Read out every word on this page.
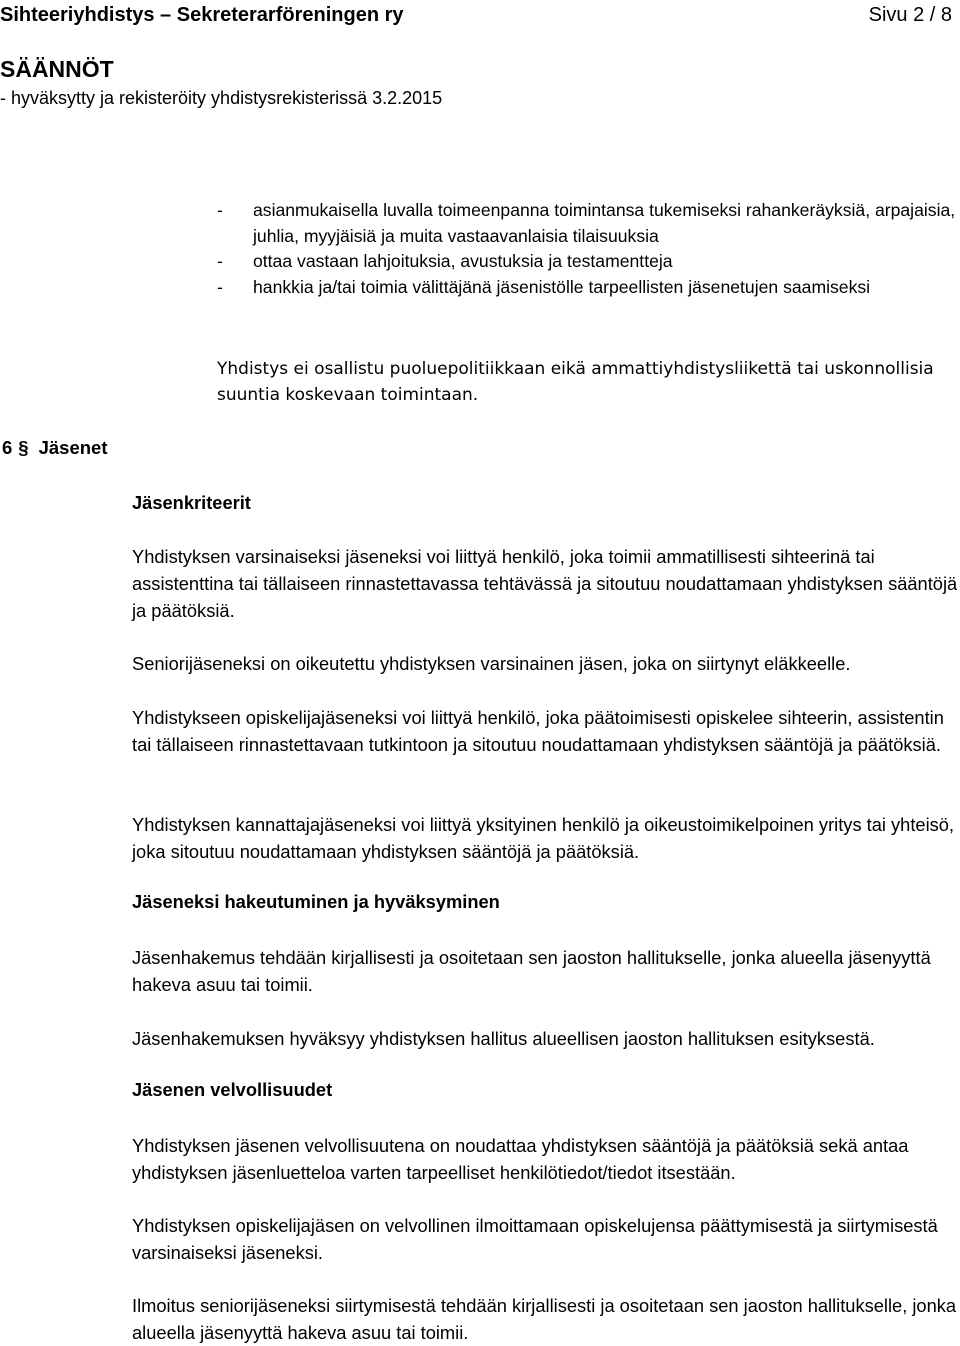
Sihteeriyhdistys – Sekreterarföreningen ry	Sivu 2 / 8
SÄÄNNÖT
- hyväksytty ja rekisteröity yhdistysrekisterissä 3.2.2015
-	asianmukaisella luvalla toimeenpanna toimintansa tukemiseksi rahankeräyksiä, arpajaisia, juhlia, myyjäisiä ja muita vastaavanlaisia tilaisuuksia
-	ottaa vastaan lahjoituksia, avustuksia ja testamentteja
-	hankkia ja/tai toimia välittäjänä jäsenistölle tarpeellisten jäsenetujen saamiseksi
Yhdistys ei osallistu puoluepolitiikkaan eikä ammattiyhdistysliikettä tai uskonnollisia suuntia koskevaan toimintaan.
6 § Jäsenet
Jäsenkriteerit
Yhdistyksen varsinaiseksi jäseneksi voi liittyä henkilö, joka toimii ammatillisesti sihteerinä tai assistenttina tai tällaiseen rinnastettavassa tehtävässä ja sitoutuu noudattamaan yhdistyksen sääntöjä ja päätöksiä.
Seniorijäseneksi on oikeutettu yhdistyksen varsinainen jäsen, joka on siirtynyt eläkkeelle.
Yhdistykseen opiskelijajäseneksi voi liittyä henkilö, joka päätoimisesti opiskelee sihteerin, assistentin tai tällaiseen rinnastettavaan tutkintoon ja sitoutuu noudattamaan yhdistyksen sääntöjä ja päätöksiä.
Yhdistyksen kannattajajäseneksi voi liittyä yksityinen henkilö ja oikeustoimikelpoinen yritys tai yhteisö, joka sitoutuu noudattamaan yhdistyksen sääntöjä ja päätöksiä.
Jäseneksi hakeutuminen ja hyväksyminen
Jäsenhakemus tehdään kirjallisesti ja osoitetaan sen jaoston hallitukselle, jonka alueella jäsenyyttä hakeva asuu tai toimii.
Jäsenhakemuksen hyväksyy yhdistyksen hallitus alueellisen jaoston hallituksen esityksestä.
Jäsenen velvollisuudet
Yhdistyksen jäsenen velvollisuutena on noudattaa yhdistyksen sääntöjä ja päätöksiä sekä antaa yhdistyksen jäsenluetteloa varten tarpeelliset henkilötiedot/tiedot itsestään.
Yhdistyksen opiskelijajäsen on velvollinen ilmoittamaan opiskelujensa päättymisestä ja siirtymisestä varsinaiseksi jäseneksi.
Ilmoitus seniorijäseneksi siirtymisestä tehdään kirjallisesti ja osoitetaan sen jaoston hallitukselle, jonka alueella jäsenyyttä hakeva asuu tai toimii.
